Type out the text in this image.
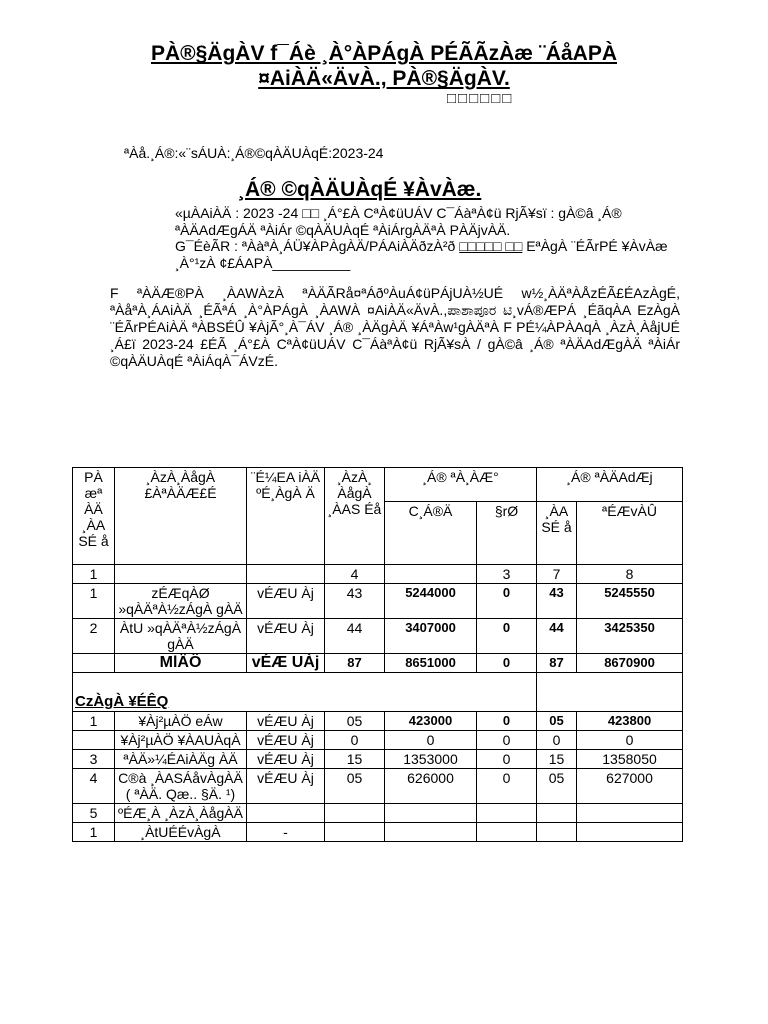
PÀ®§ÄgÀV f¯Áè ¸À°ÀPÁgÀ PÉÃÃzÀæ ¨ÁåAPÀ
¤AiÀÄ«ÄvÀ., PÀ®§ÄgÀV.
□□□□□□
ªÀå.¸Á®:«¨sÁUÀ:¸Á®©qÀÄUÀqÉ:2023-24
¸Á® ©qÀÄUÀqÉ ¥ÀvÀæ.
«µÀAiÀÄ : 2023 -24 □□ ¸Á°£À CªÀ¢üUÁV C¯ÁàªÀ¢ü RjÃ¥sï : gÀ©â ¸Á® ªÀÄAdÆgÁÄ ªÀiÁr ©qÀÄUÀqÉ ªÀiÁrgÀÄªÀ PÀÄjvÀÄ.
G¯ÉèÃR : ªÀàªÀ¸ÁÜ¥ÀPÀgÀÄ/PÁAiÀÄðzÀ²ð □□□□□ □□ EªÀgÀ ¨ÉÃrPÉ ¥ÀvÀæ ¸À°¹zÀ ¢£ÁAPÀ__________
F ªÀÄÆ®PÀ ¸ÀAWÀzÀ ªÀÄÃRå¤ªÁðºÀuÁ¢üPÁjUÀ½UÉ w½¸ÀÄªÀÅzÉÃ£ÉAzÀgÉ, ªÀåªÀ¸ÁAiÀÄ ¸ÉÃªÁ ¸À°ÀPÁgÀ ¸ÀAWÀ ¤AiÀÄ«ÄvÀ.,ಪಾಶಾಪೂರ ಟಿ¸vÁ®ÆPÁ ¸ÉãqÀA EzÀgÀ ¨ÉÃrPÉAiÀÄ ªÀBSÉÛ ¥ÀjÃ°¸À¯ÁV ¸Á® ¸ÀÄgÀÄ ¥ÁªÀw¹gÀÄªÀ F PÉ¼ÀPÀAqÀ ¸ÀzÀ¸ÀåjUÉ ¸Á£ï 2023-24 £ÉÃ ¸Á°£À CªÀ¢üUÁV C¯ÁàªÀ¢ü RjÃ¥sÀ / gÀ©â ¸Á® ªÀÄAdÆgÀÄ ªÀiÁr ©qÀÄUÀqÉ ªÀiÁqÀ¯ÁVzÉ.
PÀ æª ÀÄ ¸ÀA SÉ å	¸ÀzÀ¸ÀågÀ £ÀªÀÄÆ£É	¨É¼EA iÀÄ ºÉ¸ÀgÀ Ä	¸ÀzÀ¸ ÀågÀ ¸ÀAS Éå	¸Á® ªÀ¸ÀÆ°		¸Á® ªÀÄAdÆj	
				C¸Á®Ä	§rØ	¸ÀA SÉ å	ªÉÆvÀÛ
1			4		3	7	8
1	zÉÆqÀØ »qÀÄªÀ½zÁgÀ gÀÄ	vÉÆU Àj	43	5244000	0	43	5245550
2	ÀtU »qÀÄªÀ½zÁgÀ gÀÄ	vÉÆU Àj	44	3407000	0	44	3425350
	MlÄÖ	vÉÆ UÀj	87	8651000	0	87	8670900
CzÀgÀ ¥ÉÊQ							
1	¥Àj²µÀÖ eÁw	vÉÆU Àj	05	423000	0	05	423800
	¥Àj²µÀÖ ¥ÀAUÀqÀ	vÉÆU Àj	0	0	0	0	0
3	ªÀÄ»¼ÉAiÀÄg ÀÄ	vÉÆU Àj	15	1353000	0	15	1358050
4	C®à ¸ÀASÁåvÀgÀÄ ( ªÀÄ. Qæ.. §Ä. ¹)	vÉÆU Àj	05	626000	0	05	627000
5	ºÉÆ¸À ¸ÀzÀ¸ÀågÀÄ						
1	¸ÀtUÉÉvÀgÀ	-					
